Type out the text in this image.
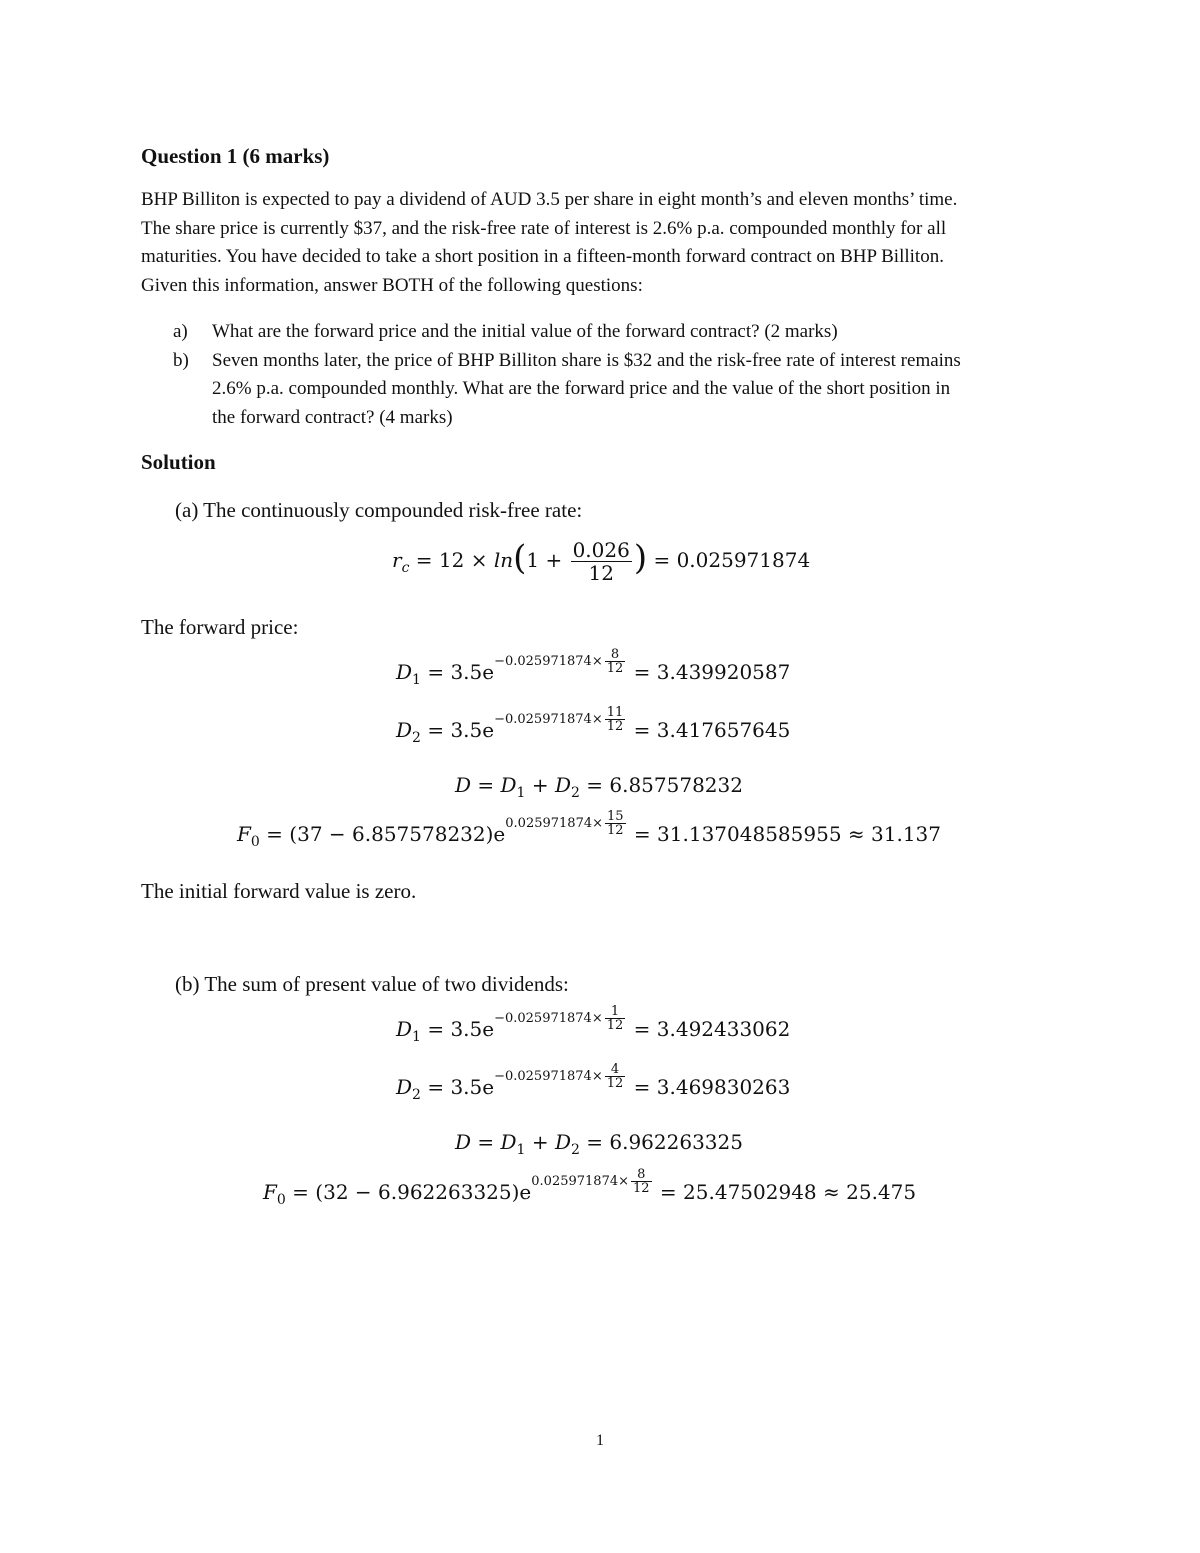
Question 1 (6 marks)
BHP Billiton is expected to pay a dividend of AUD 3.5 per share in eight month’s and eleven months’ time.
The share price is currently $37, and the risk-free rate of interest is 2.6% p.a. compounded monthly for all
maturities. You have decided to take a short position in a fifteen-month forward contract on BHP Billiton.
Given this information, answer BOTH of the following questions:
a) What are the forward price and the initial value of the forward contract? (2 marks)
b) Seven months later, the price of BHP Billiton share is $32 and the risk-free rate of interest remains
2.6% p.a. compounded monthly. What are the forward price and the value of the short position in
the forward contract? (4 marks)
Solution
(a) The continuously compounded risk-free rate:
$r_c = 12 \times \ln(1 + \frac{0.026}{12}$ ) = 0.025971874
The forward price:
$D_1 = 3.5e-0.025971874\times \frac{8}{12} = 3.439920587$
$D_2 = 3.5e-0.025971874\times \frac{11}{12} = 3.417657645$
$D = D_1 + D_2 = 6.857578232$
$F_0 = (37 - 6.857578232)e0.025971874\times \frac{15}{12} = 31.137048585955 \approx 31.137$
The initial forward value is zero.
(b) The sum of present value of two dividends:
$D_1 = 3.5e-0.025971874\times \frac{1}{12} = 3.492433062$
$D_2 = 3.5e-0.025971874\times \frac{4}{12} = 3.469830263$
$D = D_1 + D_2 = 6.962263325$
$F_0 = (32 - 6.962263325)e0.025971874\times \frac{8}{12} = 25.47502948 \approx 25.475$
1
